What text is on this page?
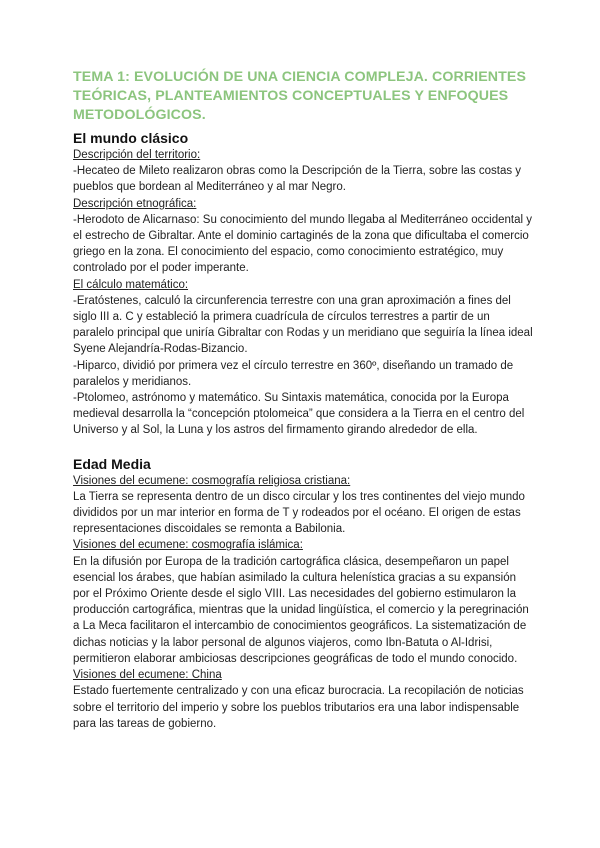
TEMA 1: EVOLUCIÓN DE UNA CIENCIA COMPLEJA. CORRIENTES TEÓRICAS, PLANTEAMIENTOS CONCEPTUALES Y ENFOQUES METODOLÓGICOS.
El mundo clásico
Descripción del territorio:
-Hecateo de Mileto realizaron obras como la Descripción de la Tierra, sobre las costas y pueblos que bordean al Mediterráneo y al mar Negro.
Descripción etnográfica:
-Herodoto de Alicarnaso: Su conocimiento del mundo llegaba al Mediterráneo occidental y el estrecho de Gibraltar. Ante el dominio cartaginés de la zona que dificultaba el comercio griego en la zona. El conocimiento del espacio, como conocimiento estratégico, muy controlado por el poder imperante.
El cálculo matemático:
-Eratóstenes, calculó la circunferencia terrestre con una gran aproximación a fines del siglo III a. C y estableció la primera cuadrícula de círculos terrestres a partir de un paralelo principal que uniría Gibraltar con Rodas y un meridiano que seguiría la línea ideal Syene Alejandría-Rodas-Bizancio.
-Hiparco, dividió por primera vez el círculo terrestre en 360º, diseñando un tramado de paralelos y meridianos.
-Ptolomeo, astrónomo y matemático. Su Sintaxis matemática, conocida por la Europa medieval desarrolla la “concepción ptolomeica” que considera a la Tierra en el centro del Universo y al Sol, la Luna y los astros del firmamento girando alrededor de ella.
Edad Media
Visiones del ecumene: cosmografía religiosa cristiana:
La Tierra se representa dentro de un disco circular y los tres continentes del viejo mundo divididos por un mar interior en forma de T y rodeados por el océano. El origen de estas representaciones discoidales se remonta a Babilonia.
Visiones del ecumene: cosmografía islámica:
En la difusión por Europa de la tradición cartográfica clásica, desempeñaron un papel esencial los árabes, que habían asimilado la cultura helenística gracias a su expansión por el Próximo Oriente desde el siglo VIII. Las necesidades del gobierno estimularon la producción cartográfica, mientras que la unidad lingüística, el comercio y la peregrinación a La Meca facilitaron el intercambio de conocimientos geográficos. La sistematización de dichas noticias y la labor personal de algunos viajeros, como Ibn-Batuta o Al-Idrisi, permitieron elaborar ambiciosas descripciones geográficas de todo el mundo conocido.
Visiones del ecumene: China
Estado fuertemente centralizado y con una eficaz burocracia. La recopilación de noticias sobre el territorio del imperio y sobre los pueblos tributarios era una labor indispensable para las tareas de gobierno.
